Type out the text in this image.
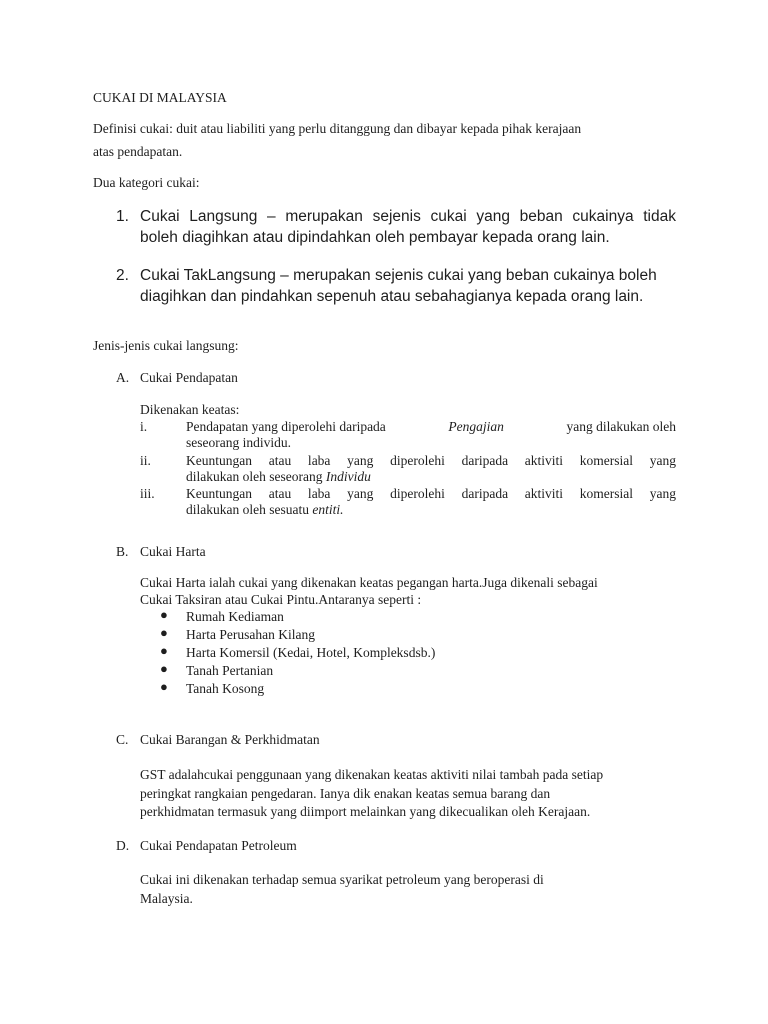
CUKAI DI MALAYSIA

Definisi cukai: duit atau liabiliti yang perlu ditanggung dan dibayar kepada pihak kerajaan

atas pendapatan.

Dua kategori cukai:

1. Cukai Langsung – merupakan sejenis cukai yang beban cukainya tidak

boleh diagihkan atau dipindahkan oleh pembayar kepada orang lain.

2. Cukai TakLangsung – merupakan sejenis cukai yang beban cukainya boleh

diagihkan dan pindahkan sepenuh atau sebahagianya kepada orang lain.

Jenis-jenis cukai langsung:

A. Cukai Pendapatan

Dikenakan keatas:

i.	Pendapatan yang diperolehi daripada	Pengajian	yang dilakukan oleh

seseorang individu.

ii.	Keuntungan atau laba yang diperolehi daripada aktiviti komersial yang

dilakukan oleh seseorang Individu

iii. Keuntungan atau laba yang diperolehi daripada aktiviti komersial yang

dilakukan oleh sesuatu entiti.

B. Cukai Harta

Cukai Harta ialah cukai yang dikenakan keatas pegangan harta.Juga dikenali sebagai

Cukai Taksiran atau Cukai Pintu.Antaranya seperti :

● Rumah Kediaman

● Harta Perusahan Kilang

● Harta Komersil (Kedai, Hotel, Kompleksdsb.)

● Tanah Pertanian

● Tanah Kosong

C. Cukai Barangan & Perkhidmatan

GST adalahcukai penggunaan yang dikenakan keatas aktiviti nilai tambah pada setiap

peringkat rangkaian pengedaran. Ianya dik enakan keatas semua barang dan

perkhidmatan termasuk yang diimport melainkan yang dikecualikan oleh Kerajaan.

D. Cukai Pendapatan Petroleum

Cukai ini dikenakan terhadap semua syarikat petroleum yang beroperasi di

Malaysia.
